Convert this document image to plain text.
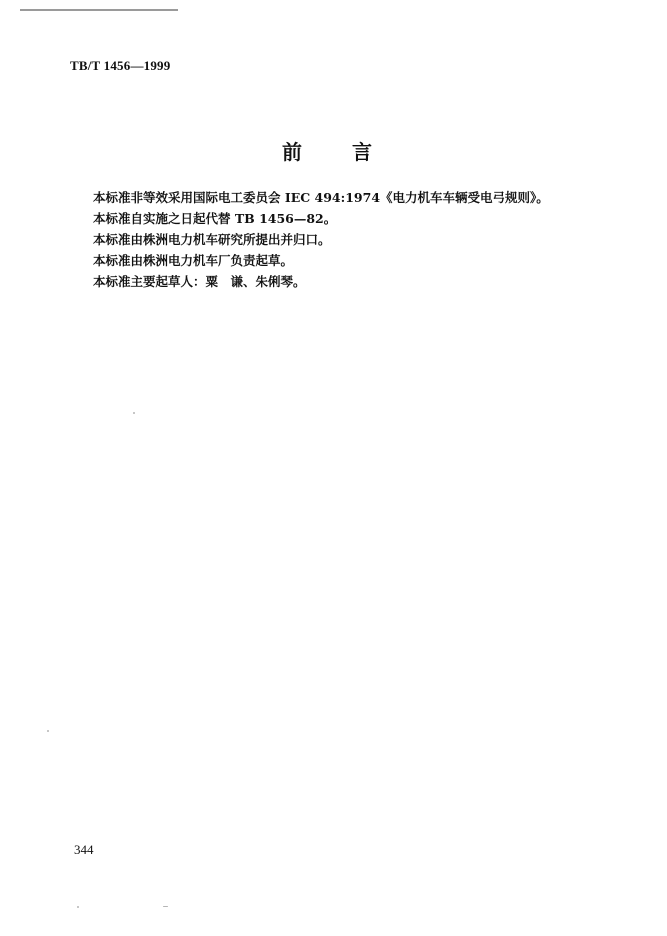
TB/T 1456—1999
前	言
本标准非等效采用国际电工委员会 IEC 494:1974《电力机车车辆受电弓规则》。
本标准自实施之日起代替 TB 1456—82。
本标准由株洲电力机车研究所提出并归口。
本标准由株洲电力机车厂负责起草。
本标准主要起草人：粟　谦、朱俐琴。
344
